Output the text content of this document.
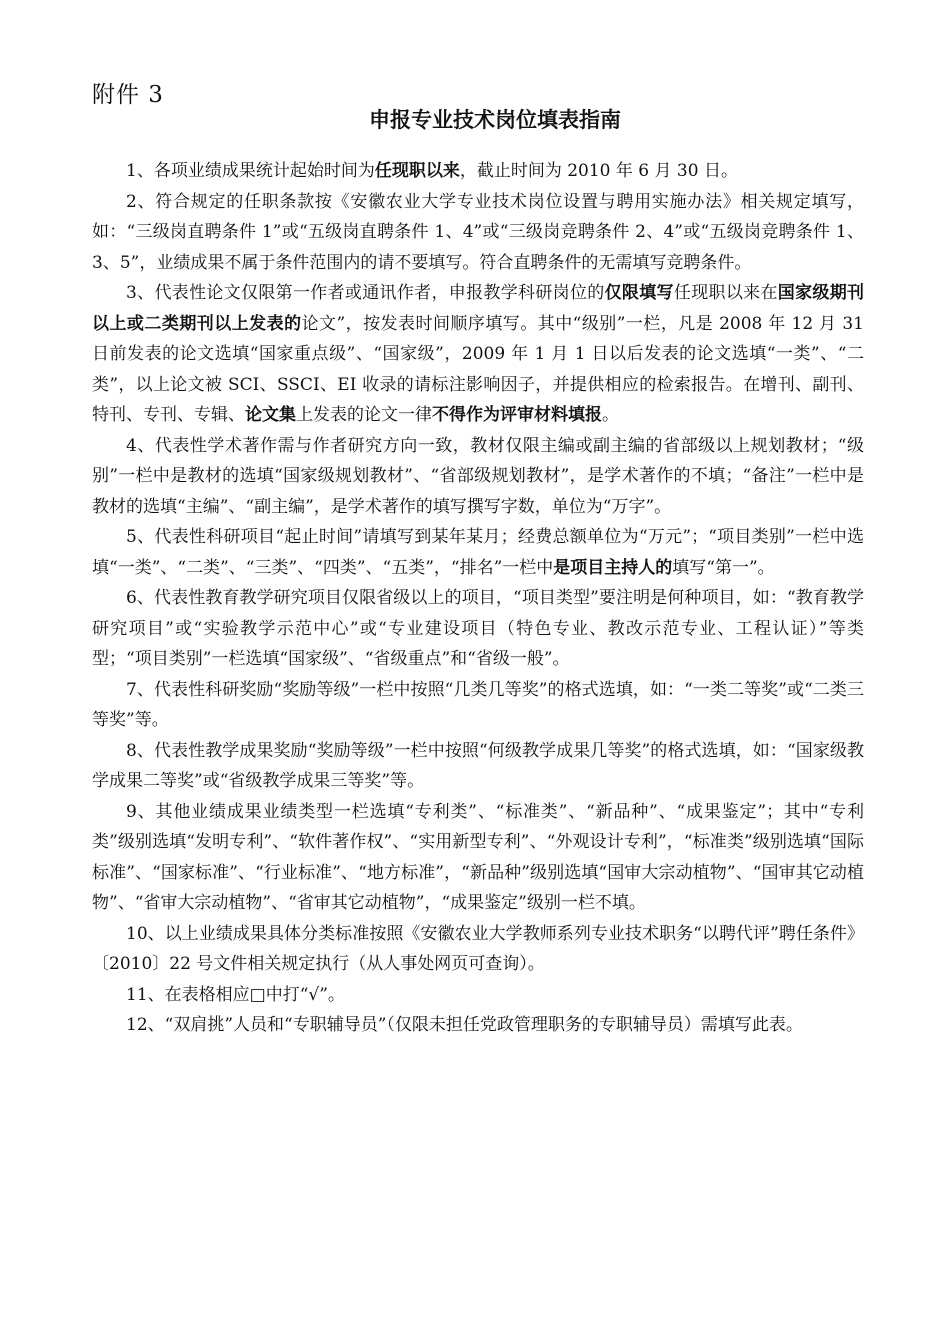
附件 3
申报专业技术岗位填表指南

1、各项业绩成果统计起始时间为任现职以来，截止时间为 2010 年 6 月 30 日。

2、符合规定的任职条款按《安徽农业大学专业技术岗位设置与聘用实施办法》相关规定填写，如：“三级岗直聘条件 1”或“五级岗直聘条件 1、4”或“三级岗竞聘条件 2、4”或“五级岗竞聘条件 1、3、5”，业绩成果不属于条件范围内的请不要填写。符合直聘条件的无需填写竞聘条件。

3、代表性论文仅限第一作者或通讯作者，申报教学科研岗位的仅限填写任现职以来在国家级期刊以上或二类期刊以上发表的论文”，按发表时间顺序填写。其中“级别”一栏，凡是 2008 年 12 月 31 日前发表的论文选填“国家重点级”、“国家级”，2009 年 1 月 1 日以后发表的论文选填“一类”、“二类”，以上论文被 SCI、SSCI、EI 收录的请标注影响因子，并提供相应的检索报告。在增刊、副刊、特刊、专刊、专辑、论文集上发表的论文一律不得作为评审材料填报。

4、代表性学术著作需与作者研究方向一致，教材仅限主编或副主编的省部级以上规划教材；“级别”一栏中是教材的选填“国家级规划教材”、“省部级规划教材”，是学术著作的不填；“备注”一栏中是教材的选填“主编”、“副主编”，是学术著作的填写撰写字数，单位为“万字”。

5、代表性科研项目“起止时间”请填写到某年某月；经费总额单位为“万元”；“项目类别”一栏中选填“一类”、“二类”、“三类”、“四类”、“五类”，“排名”一栏中是项目主持人的填写“第一”。

6、代表性教育教学研究项目仅限省级以上的项目，“项目类型”要注明是何种项目，如：“教育教学研究项目”或“实验教学示范中心”或“专业建设项目（特色专业、教改示范专业、工程认证）”等类型；“项目类别”一栏选填“国家级”、“省级重点”和“省级一般”。

7、代表性科研奖励“奖励等级”一栏中按照“几类几等奖”的格式选填，如：“一类二等奖”或“二类三等奖”等。

8、代表性教学成果奖励“奖励等级”一栏中按照“何级教学成果几等奖”的格式选填，如：“国家级教学成果二等奖”或“省级教学成果三等奖”等。

9、其他业绩成果业绩类型一栏选填“专利类”、“标准类”、“新品种”、“成果鉴定”；其中“专利类”级别选填“发明专利”、“软件著作权”、“实用新型专利”、“外观设计专利”，“标准类”级别选填“国际标准”、“国家标准”、“行业标准”、“地方标准”，“新品种”级别选填“国审大宗动植物”、“国审其它动植物”、“省审大宗动植物”、“省审其它动植物”，“成果鉴定”级别一栏不填。

10、以上业绩成果具体分类标准按照《安徽农业大学教师系列专业技术职务“以聘代评”聘任条件》〔2010〕22 号文件相关规定执行（从人事处网页可查询）。

11、在表格相应□中打“√”。

12、“双肩挑”人员和“专职辅导员”（仅限未担任党政管理职务的专职辅导员）需填写此表。
